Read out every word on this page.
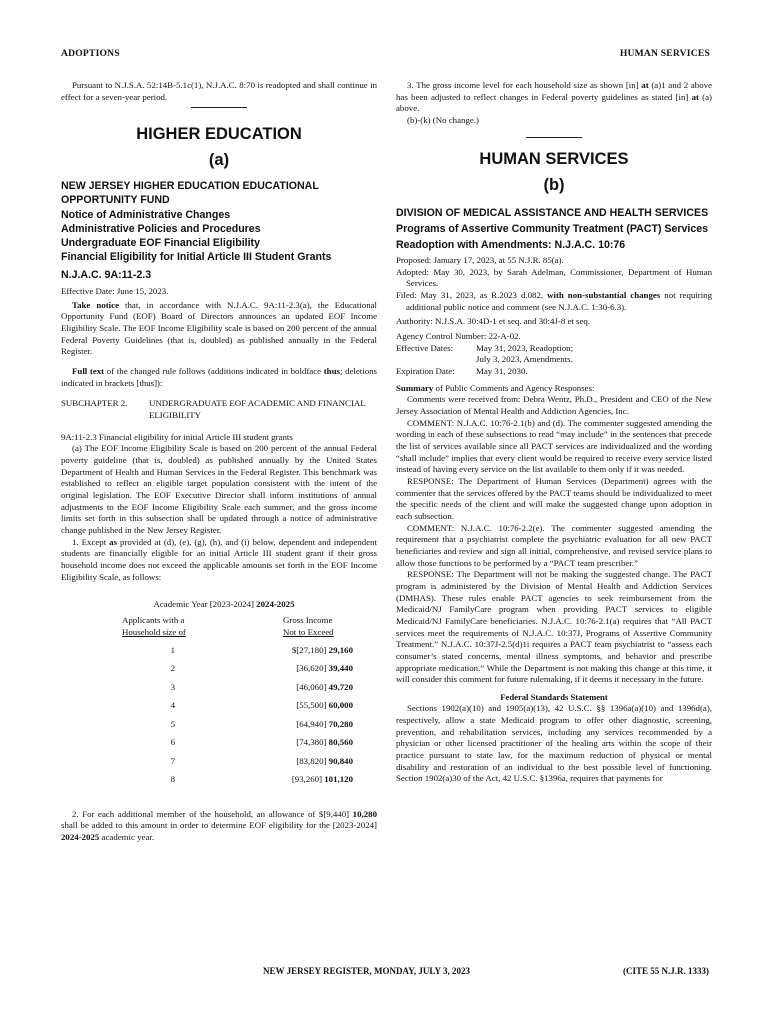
ADOPTIONS	HUMAN SERVICES

Pursuant to N.J.S.A. 52:14B-5.1c(1), N.J.A.C. 8:70 is readopted and shall continue in effect for a seven-year period.

HIGHER EDUCATION
(a)
NEW JERSEY HIGHER EDUCATION EDUCATIONAL OPPORTUNITY FUND
Notice of Administrative Changes
Administrative Policies and Procedures
Undergraduate EOF Financial Eligibility
Financial Eligibility for Initial Article III Student Grants
N.J.A.C. 9A:11-2.3

Effective Date: June 15, 2023.

Take notice that, in accordance with N.J.A.C. 9A:11-2.3(a), the Educational Opportunity Fund (EOF) Board of Directors announces an updated EOF Income Eligibility Scale. The EOF Income Eligibility scale is based on 200 percent of the annual Federal Poverty Guidelines (that is, doubled) as published annually in the Federal Register.

Full text of the changed rule follows (additions indicated in boldface thus; deletions indicated in brackets [thus]):

SUBCHAPTER 2.	UNDERGRADUATE EOF ACADEMIC AND FINANCIAL ELIGIBILITY

9A:11-2.3 Financial eligibility for initial Article III student grants

(a) The EOF Income Eligibility Scale is based on 200 percent of the annual Federal poverty guideline (that is, doubled) as published annually by the United States Department of Health and Human Services in the Federal Register. This benchmark was established to reflect an eligible target population consistent with the intent of the original legislation. The EOF Executive Director shall inform institutions of annual adjustments to the EOF Income Eligibility Scale each summer, and the gross income limits set forth in this subsection shall be updated through a notice of administrative change published in the New Jersey Register.

1. Except as provided at (d), (e), (g), (h), and (i) below, dependent and independent students are financially eligible for an initial Article III student grant if their gross household income does not exceed the applicable amounts set forth in the EOF Income Eligibility Scale, as follows:

Academic Year [2023-2024] 2024-2025
Applicants with a
Household size of
Gross Income
Not to Exceed
1	$[27,180] 29,160
2	[36,620] 39,440
3	[46,060] 49,720
4	[55,500] 60,000
5	[64,940] 70,280
6	[74,380] 80,560
7	[83,820] 90,840
8	[93,260] 101,120

2. For each additional member of the household, an allowance of $[9,440] 10,280 shall be added to this amount in order to determine EOF eligibility for the [2023-2024] 2024-2025 academic year.

3. The gross income level for each household size as shown [in] at (a)1 and 2 above has been adjusted to reflect changes in Federal poverty guidelines as stated [in] at (a) above.

(b)-(k) (No change.)

HUMAN SERVICES
(b)
DIVISION OF MEDICAL ASSISTANCE AND HEALTH SERVICES
Programs of Assertive Community Treatment (PACT) Services
Readoption with Amendments: N.J.A.C. 10:76

Proposed: January 17, 2023, at 55 N.J.R. 85(a).

Adopted: May 30, 2023, by Sarah Adelman, Commissioner, Department of Human Services.

Filed: May 31, 2023, as R.2023 d.082, with non-substantial changes not requiring additional public notice and comment (see N.J.A.C. 1:30-6.3).

Authority: N.J.S.A. 30:4D-1 et seq. and 30:4J-8 et seq.

Agency Control Number: 22-A-02.

Effective Dates:	May 31, 2023, Readoption;
July 3, 2023, Amendments.
Expiration Date:	May 31, 2030.

Summary of Public Comments and Agency Responses:

Comments were received from: Debra Wentz, Ph.D., President and CEO of the New Jersey Association of Mental Health and Addiction Agencies, Inc.

COMMENT: N.J.A.C. 10:76-2.1(b) and (d). The commenter suggested amending the wording in each of these subsections to read “may include” in the sentences that precede the list of services available since all PACT services are individualized and the wording “shall include” implies that every client would be required to receive every service listed instead of having every service on the list available to them only if it was needed.

RESPONSE: The Department of Human Services (Department) agrees with the commenter that the services offered by the PACT teams should be individualized to meet the specific needs of the client and will make the suggested change upon adoption in each subsection.

COMMENT: N.J.A.C. 10:76-2.2(e). The commenter suggested amending the requirement that a psychiatrist complete the psychiatric evaluation for all new PACT beneficiaries and review and sign all initial, comprehensive, and revised service plans to allow those functions to be performed by a “PACT team prescriber.”

RESPONSE: The Department will not be making the suggested change. The PACT program is administered by the Division of Mental Health and Addiction Services (DMHAS). These rules enable PACT agencies to seek reimbursement from the Medicaid/NJ FamilyCare program when providing PACT services to eligible Medicaid/NJ FamilyCare beneficiaries. N.J.A.C. 10:76-2.1(a) requires that “All PACT services meet the requirements of N.J.A.C. 10:37J, Programs of Assertive Community Treatment.” N.J.A.C. 10:37J-2.5(d)1i requires a PACT team psychiatrist to “assess each consumer’s stated concerns, mental illness symptoms, and behavior and prescribe appropriate medication.” While the Department is not making this change at this time, it will consider this comment for future rulemaking, if it deems it necessary in the future.

Federal Standards Statement

Sections 1902(a)(10) and 1905(a)(13), 42 U.S.C. §§ 1396a(a)(10) and 1396d(a), respectively, allow a state Medicaid program to offer other diagnostic, screening, prevention, and rehabilitation services, including any services recommended by a physician or other licensed practitioner of the healing arts within the scope of their practice pursuant to state law, for the maximum reduction of physical or mental disability and restoration of an individual to the best possible level of functioning. Section 1902(a)30 of the Act, 42 U.S.C. §1396a, requires that payments for

NEW JERSEY REGISTER, MONDAY, JULY 3, 2023	(CITE 55 N.J.R. 1333)
